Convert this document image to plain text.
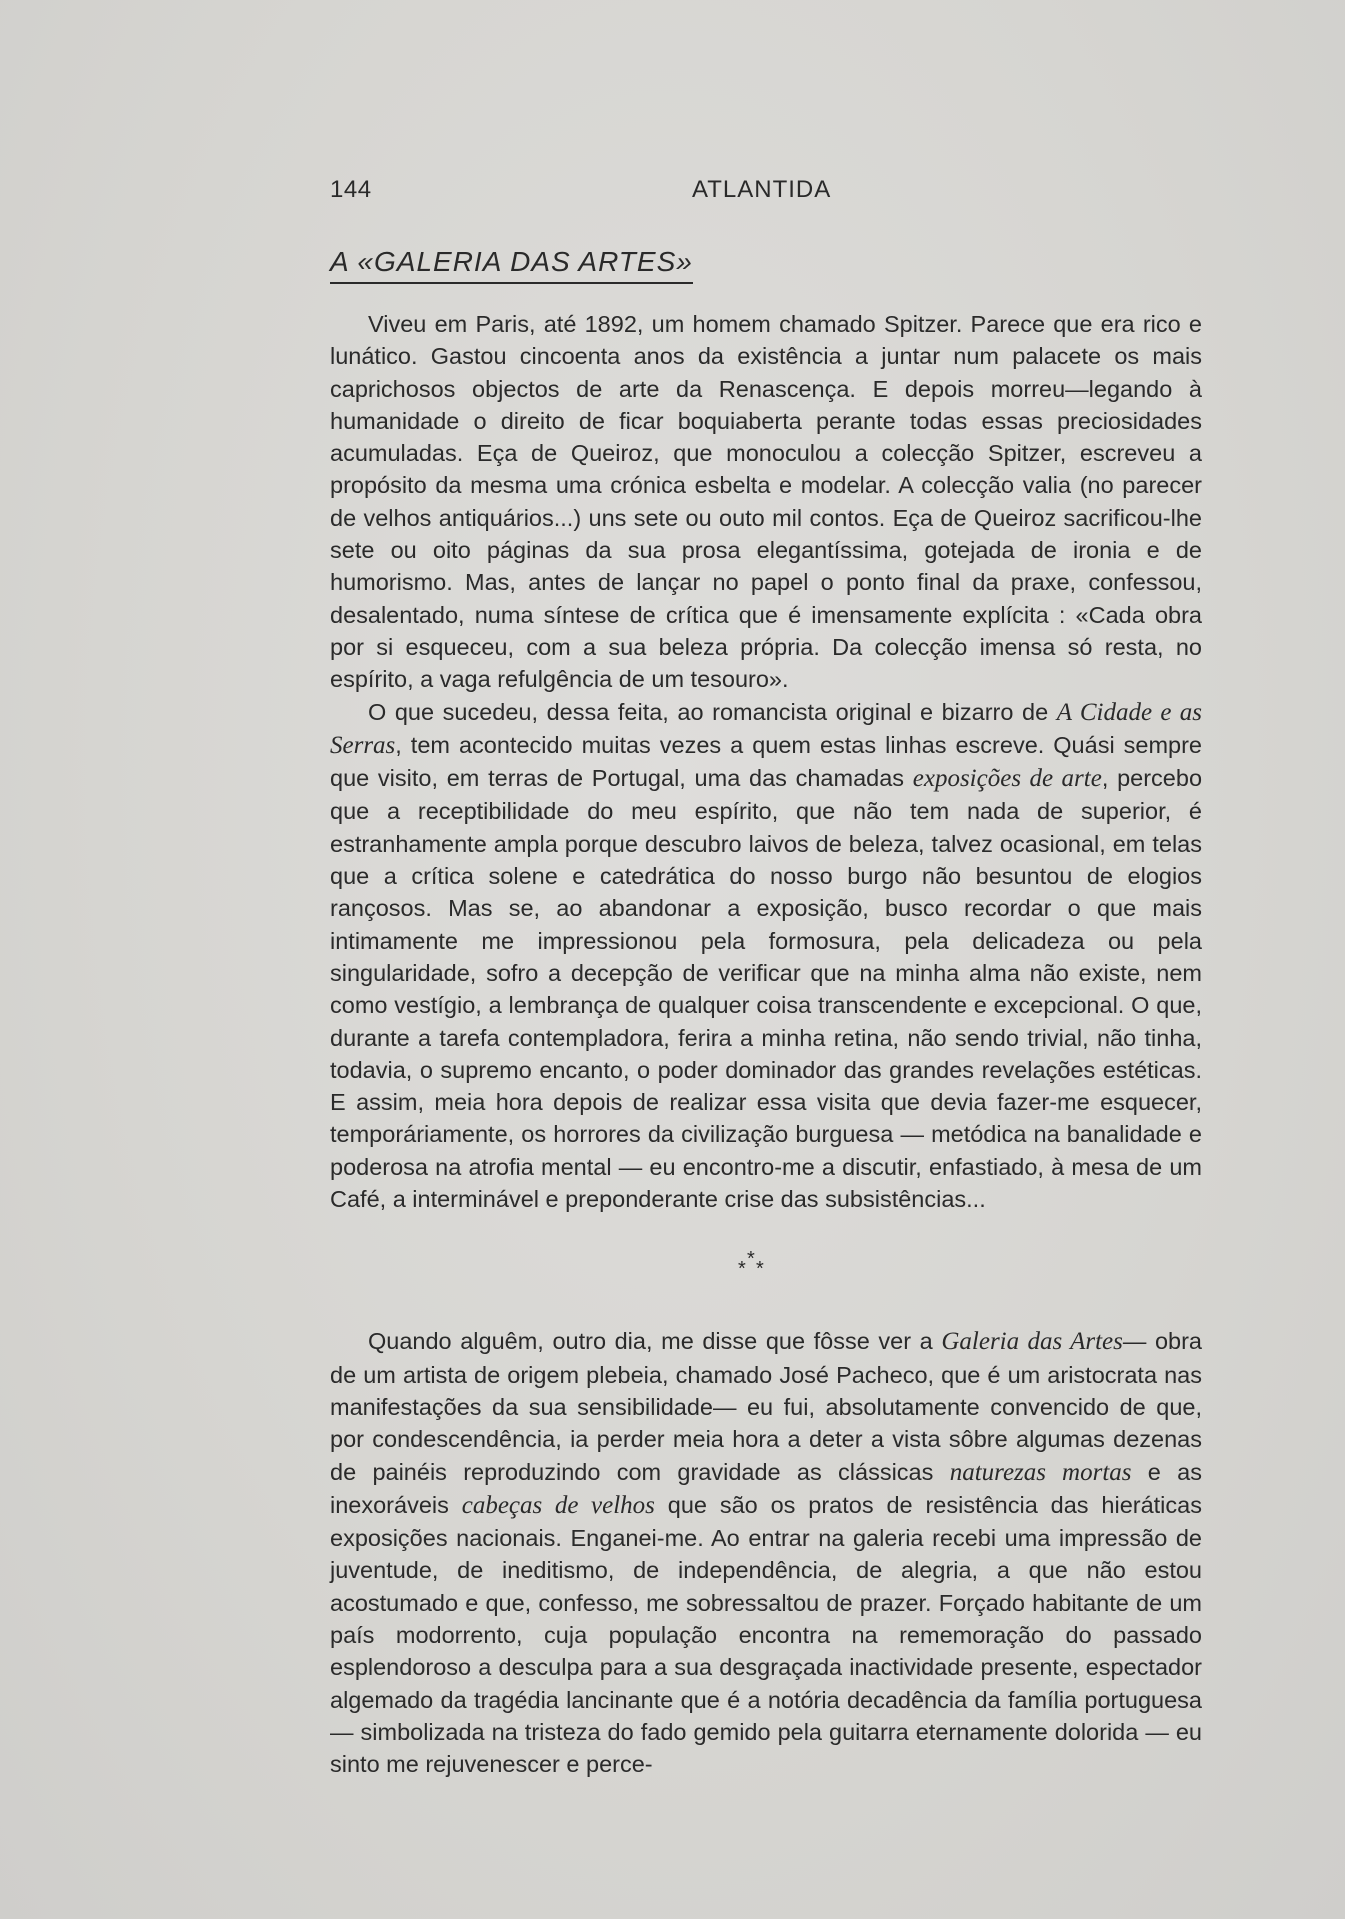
144	ATLANTIDA
A «GALERIA DAS ARTES»

Viveu em Paris, até 1892, um homem chamado Spitzer. Parece que era rico e lunático. Gastou cincoenta anos da existência a juntar num palacete os mais caprichosos objectos de arte da Renascença. E depois morreu—legando à humanidade o direito de ficar boquiaberta perante todas essas preciosidades acumuladas. Eça de Queiroz, que monoculou a colecção Spitzer, escreveu a propósito da mesma uma crónica esbelta e modelar. A colecção valia (no parecer de velhos antiquários...) uns sete ou outo mil contos. Eça de Queiroz sacrificou-lhe sete ou oito páginas da sua prosa elegantíssima, gotejada de ironia e de humorismo. Mas, antes de lançar no papel o ponto final da praxe, confessou, desalentado, numa síntese de crítica que é imensamente explícita : «Cada obra por si esqueceu, com a sua beleza própria. Da colecção imensa só resta, no espírito, a vaga refulgência de um tesouro».

O que sucedeu, dessa feita, ao romancista original e bizarro de A Cidade e as Serras, tem acontecido muitas vezes a quem estas linhas escreve. Quási sempre que visito, em terras de Portugal, uma das chamadas exposições de arte, percebo que a receptibilidade do meu espírito, que não tem nada de superior, é estranhamente ampla porque descubro laivos de beleza, talvez ocasional, em telas que a crítica solene e catedrática do nosso burgo não besuntou de elogios rançosos. Mas se, ao abandonar a exposição, busco recordar o que mais intimamente me impressionou pela formosura, pela delicadeza ou pela singularidade, sofro a decepção de verificar que na minha alma não existe, nem como vestígio, a lembrança de qualquer coisa transcendente e excepcional. O que, durante a tarefa contempladora, ferira a minha retina, não sendo trivial, não tinha, todavia, o supremo encanto, o poder dominador das grandes revelações estéticas. E assim, meia hora depois de realizar essa visita que devia fazer-me esquecer, temporáriamente, os horrores da civilização burguesa — metódica na banalidade e poderosa na atrofia mental — eu encontro-me a discutir, enfastiado, à mesa de um Café, a interminável e preponderante crise das subsistências...

*
* *

Quando alguêm, outro dia, me disse que fôsse ver a Galeria das Artes— obra de um artista de origem plebeia, chamado José Pacheco, que é um aristocrata nas manifestações da sua sensibilidade— eu fui, absolutamente convencido de que, por condescendência, ia perder meia hora a deter a vista sôbre algumas dezenas de painéis reproduzindo com gravidade as clássicas naturezas mortas e as inexoráveis cabeças de velhos que são os pratos de resistência das hieráticas exposições nacionais. Enganei-me. Ao entrar na galeria recebi uma impressão de juventude, de ineditismo, de independência, de alegria, a que não estou acostumado e que, confesso, me sobressaltou de prazer. Forçado habitante de um país modorrento, cuja população encontra na rememoração do passado esplendoroso a desculpa para a sua desgraçada inactividade presente, espectador algemado da tragédia lancinante que é a notória decadência da família portuguesa — simbolizada na tristeza do fado gemido pela guitarra eternamente dolorida — eu sinto me rejuvenescer e perce-
